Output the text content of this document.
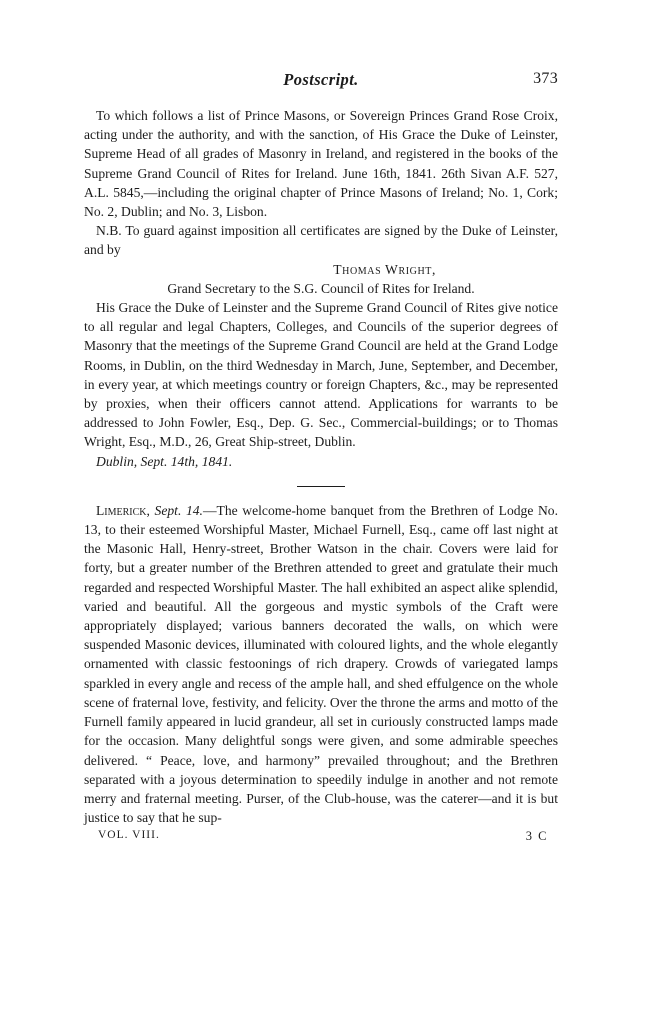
Postscript.	373

To which follows a list of Prince Masons, or Sovereign Princes Grand Rose Croix, acting under the authority, and with the sanction, of His Grace the Duke of Leinster, Supreme Head of all grades of Masonry in Ireland, and registered in the books of the Supreme Grand Council of Rites for Ireland. June 16th, 1841. 26th Sivan A.F. 527, A.L. 5845,—including the original chapter of Prince Masons of Ireland; No. 1, Cork; No. 2, Dublin; and No. 3, Lisbon.

N.B. To guard against imposition all certificates are signed by the Duke of Leinster, and by

Thomas Wright,

Grand Secretary to the S.G. Council of Rites for Ireland.

His Grace the Duke of Leinster and the Supreme Grand Council of Rites give notice to all regular and legal Chapters, Colleges, and Councils of the superior degrees of Masonry that the meetings of the Supreme Grand Council are held at the Grand Lodge Rooms, in Dublin, on the third Wednesday in March, June, September, and December, in every year, at which meetings country or foreign Chapters, &c., may be represented by proxies, when their officers cannot attend. Applications for warrants to be addressed to John Fowler, Esq., Dep. G. Sec., Commercial-buildings; or to Thomas Wright, Esq., M.D., 26, Great Ship-street, Dublin.

Dublin, Sept. 14th, 1841.

Limerick, Sept. 14.—The welcome-home banquet from the Brethren of Lodge No. 13, to their esteemed Worshipful Master, Michael Furnell, Esq., came off last night at the Masonic Hall, Henry-street, Brother Watson in the chair. Covers were laid for forty, but a greater number of the Brethren attended to greet and gratulate their much regarded and respected Worshipful Master. The hall exhibited an aspect alike splendid, varied and beautiful. All the gorgeous and mystic symbols of the Craft were appropriately displayed; various banners decorated the walls, on which were suspended Masonic devices, illuminated with coloured lights, and the whole elegantly ornamented with classic festoonings of rich drapery. Crowds of variegated lamps sparkled in every angle and recess of the ample hall, and shed effulgence on the whole scene of fraternal love, festivity, and felicity. Over the throne the arms and motto of the Furnell family appeared in lucid grandeur, all set in curiously constructed lamps made for the occasion. Many delightful songs were given, and some admirable speeches delivered. “ Peace, love, and harmony” prevailed throughout; and the Brethren separated with a joyous determination to speedily indulge in another and not remote merry and fraternal meeting. Purser, of the Club-house, was the caterer—and it is but justice to say that he sup-

VOL. VIII.	3 C
